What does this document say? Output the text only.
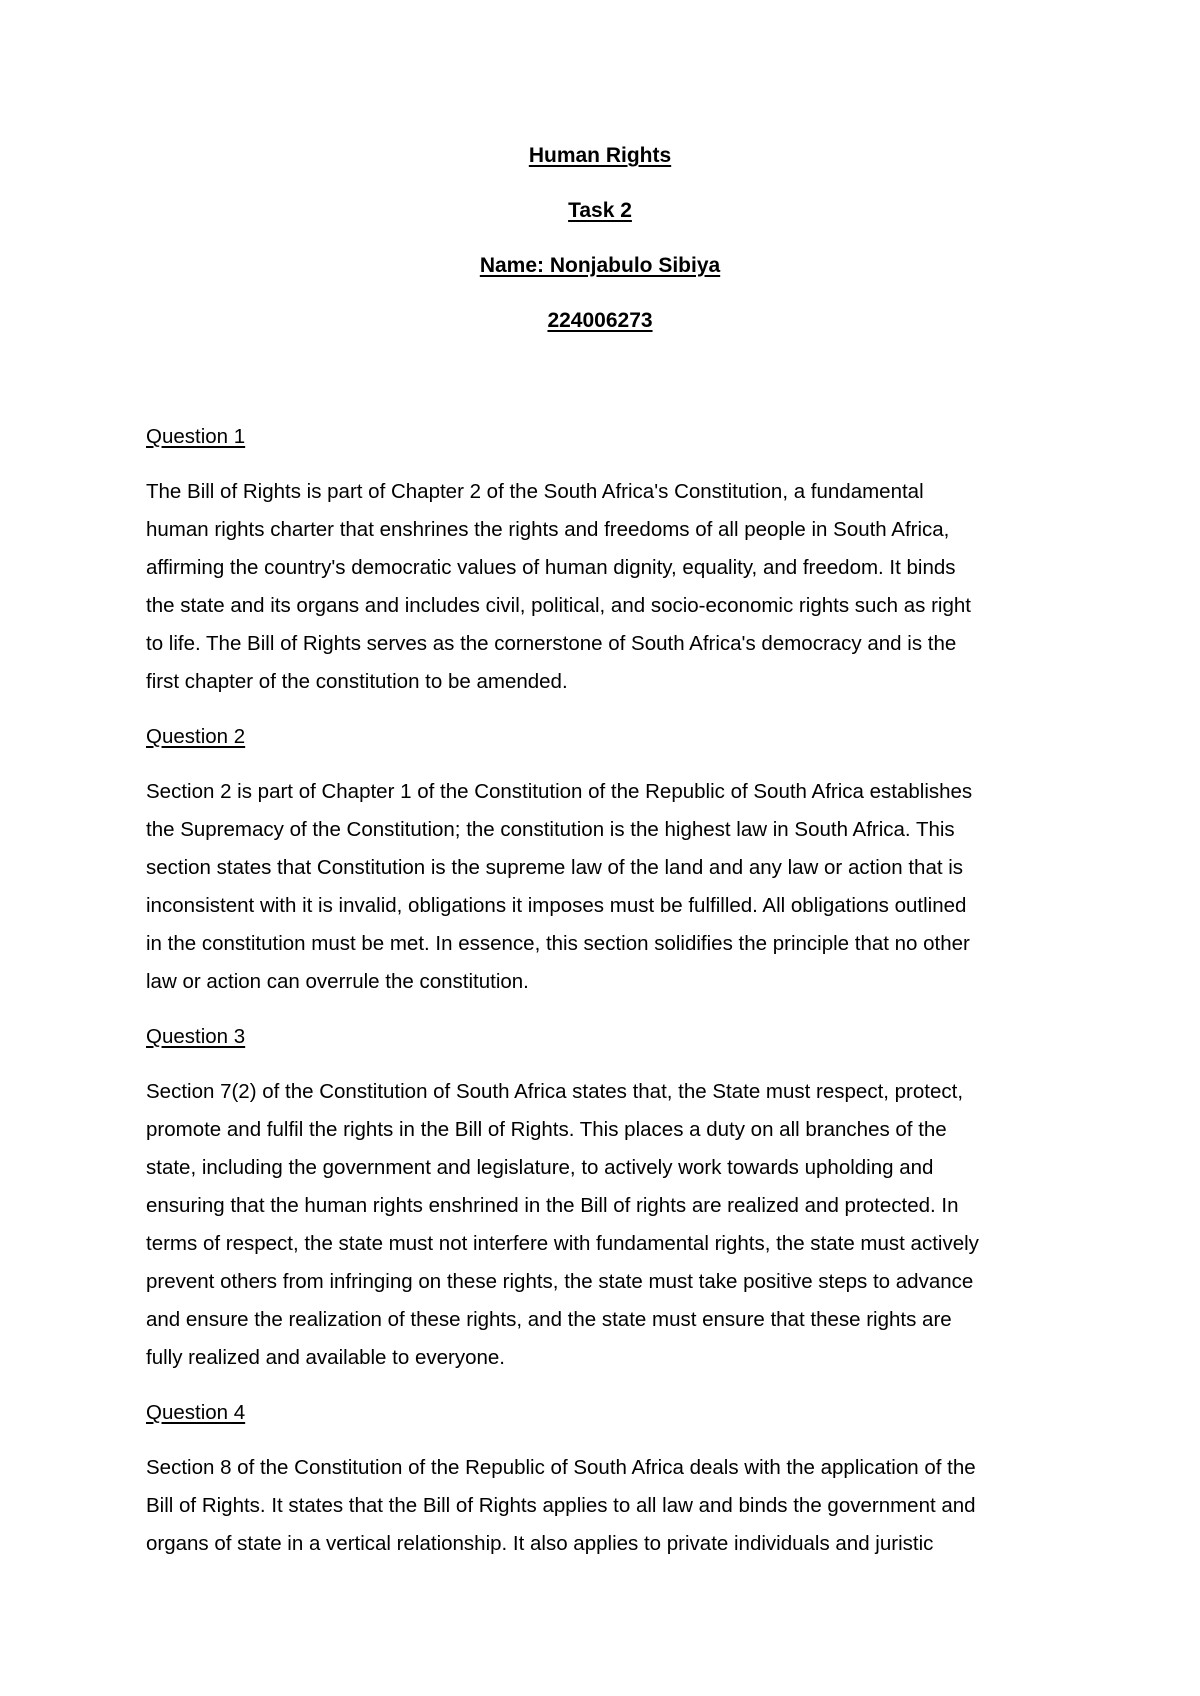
Human Rights
Task 2
Name: Nonjabulo Sibiya
224006273
Question 1
The Bill of Rights is part of Chapter 2 of the South Africa's Constitution, a fundamental
human rights charter that enshrines the rights and freedoms of all people in South Africa,
affirming the country's democratic values of human dignity, equality, and freedom. It binds
the state and its organs and includes civil, political, and socio-economic rights such as right
to life. The Bill of Rights serves as the cornerstone of South Africa's democracy and is the
first chapter of the constitution to be amended.
Question 2
Section 2 is part of Chapter 1 of the Constitution of the Republic of South Africa establishes
the Supremacy of the Constitution; the constitution is the highest law in South Africa. This
section states that Constitution is the supreme law of the land and any law or action that is
inconsistent with it is invalid, obligations it imposes must be fulfilled. All obligations outlined
in the constitution must be met. In essence, this section solidifies the principle that no other
law or action can overrule the constitution.
Question 3
Section 7(2) of the Constitution of South Africa states that, the State must respect, protect,
promote and fulfil the rights in the Bill of Rights. This places a duty on all branches of the
state, including the government and legislature, to actively work towards upholding and
ensuring that the human rights enshrined in the Bill of rights are realized and protected. In
terms of respect, the state must not interfere with fundamental rights, the state must actively
prevent others from infringing on these rights, the state must take positive steps to advance
and ensure the realization of these rights, and the state must ensure that these rights are
fully realized and available to everyone.
Question 4
Section 8 of the Constitution of the Republic of South Africa deals with the application of the
Bill of Rights. It states that the Bill of Rights applies to all law and binds the government and
organs of state in a vertical relationship. It also applies to private individuals and juristic
